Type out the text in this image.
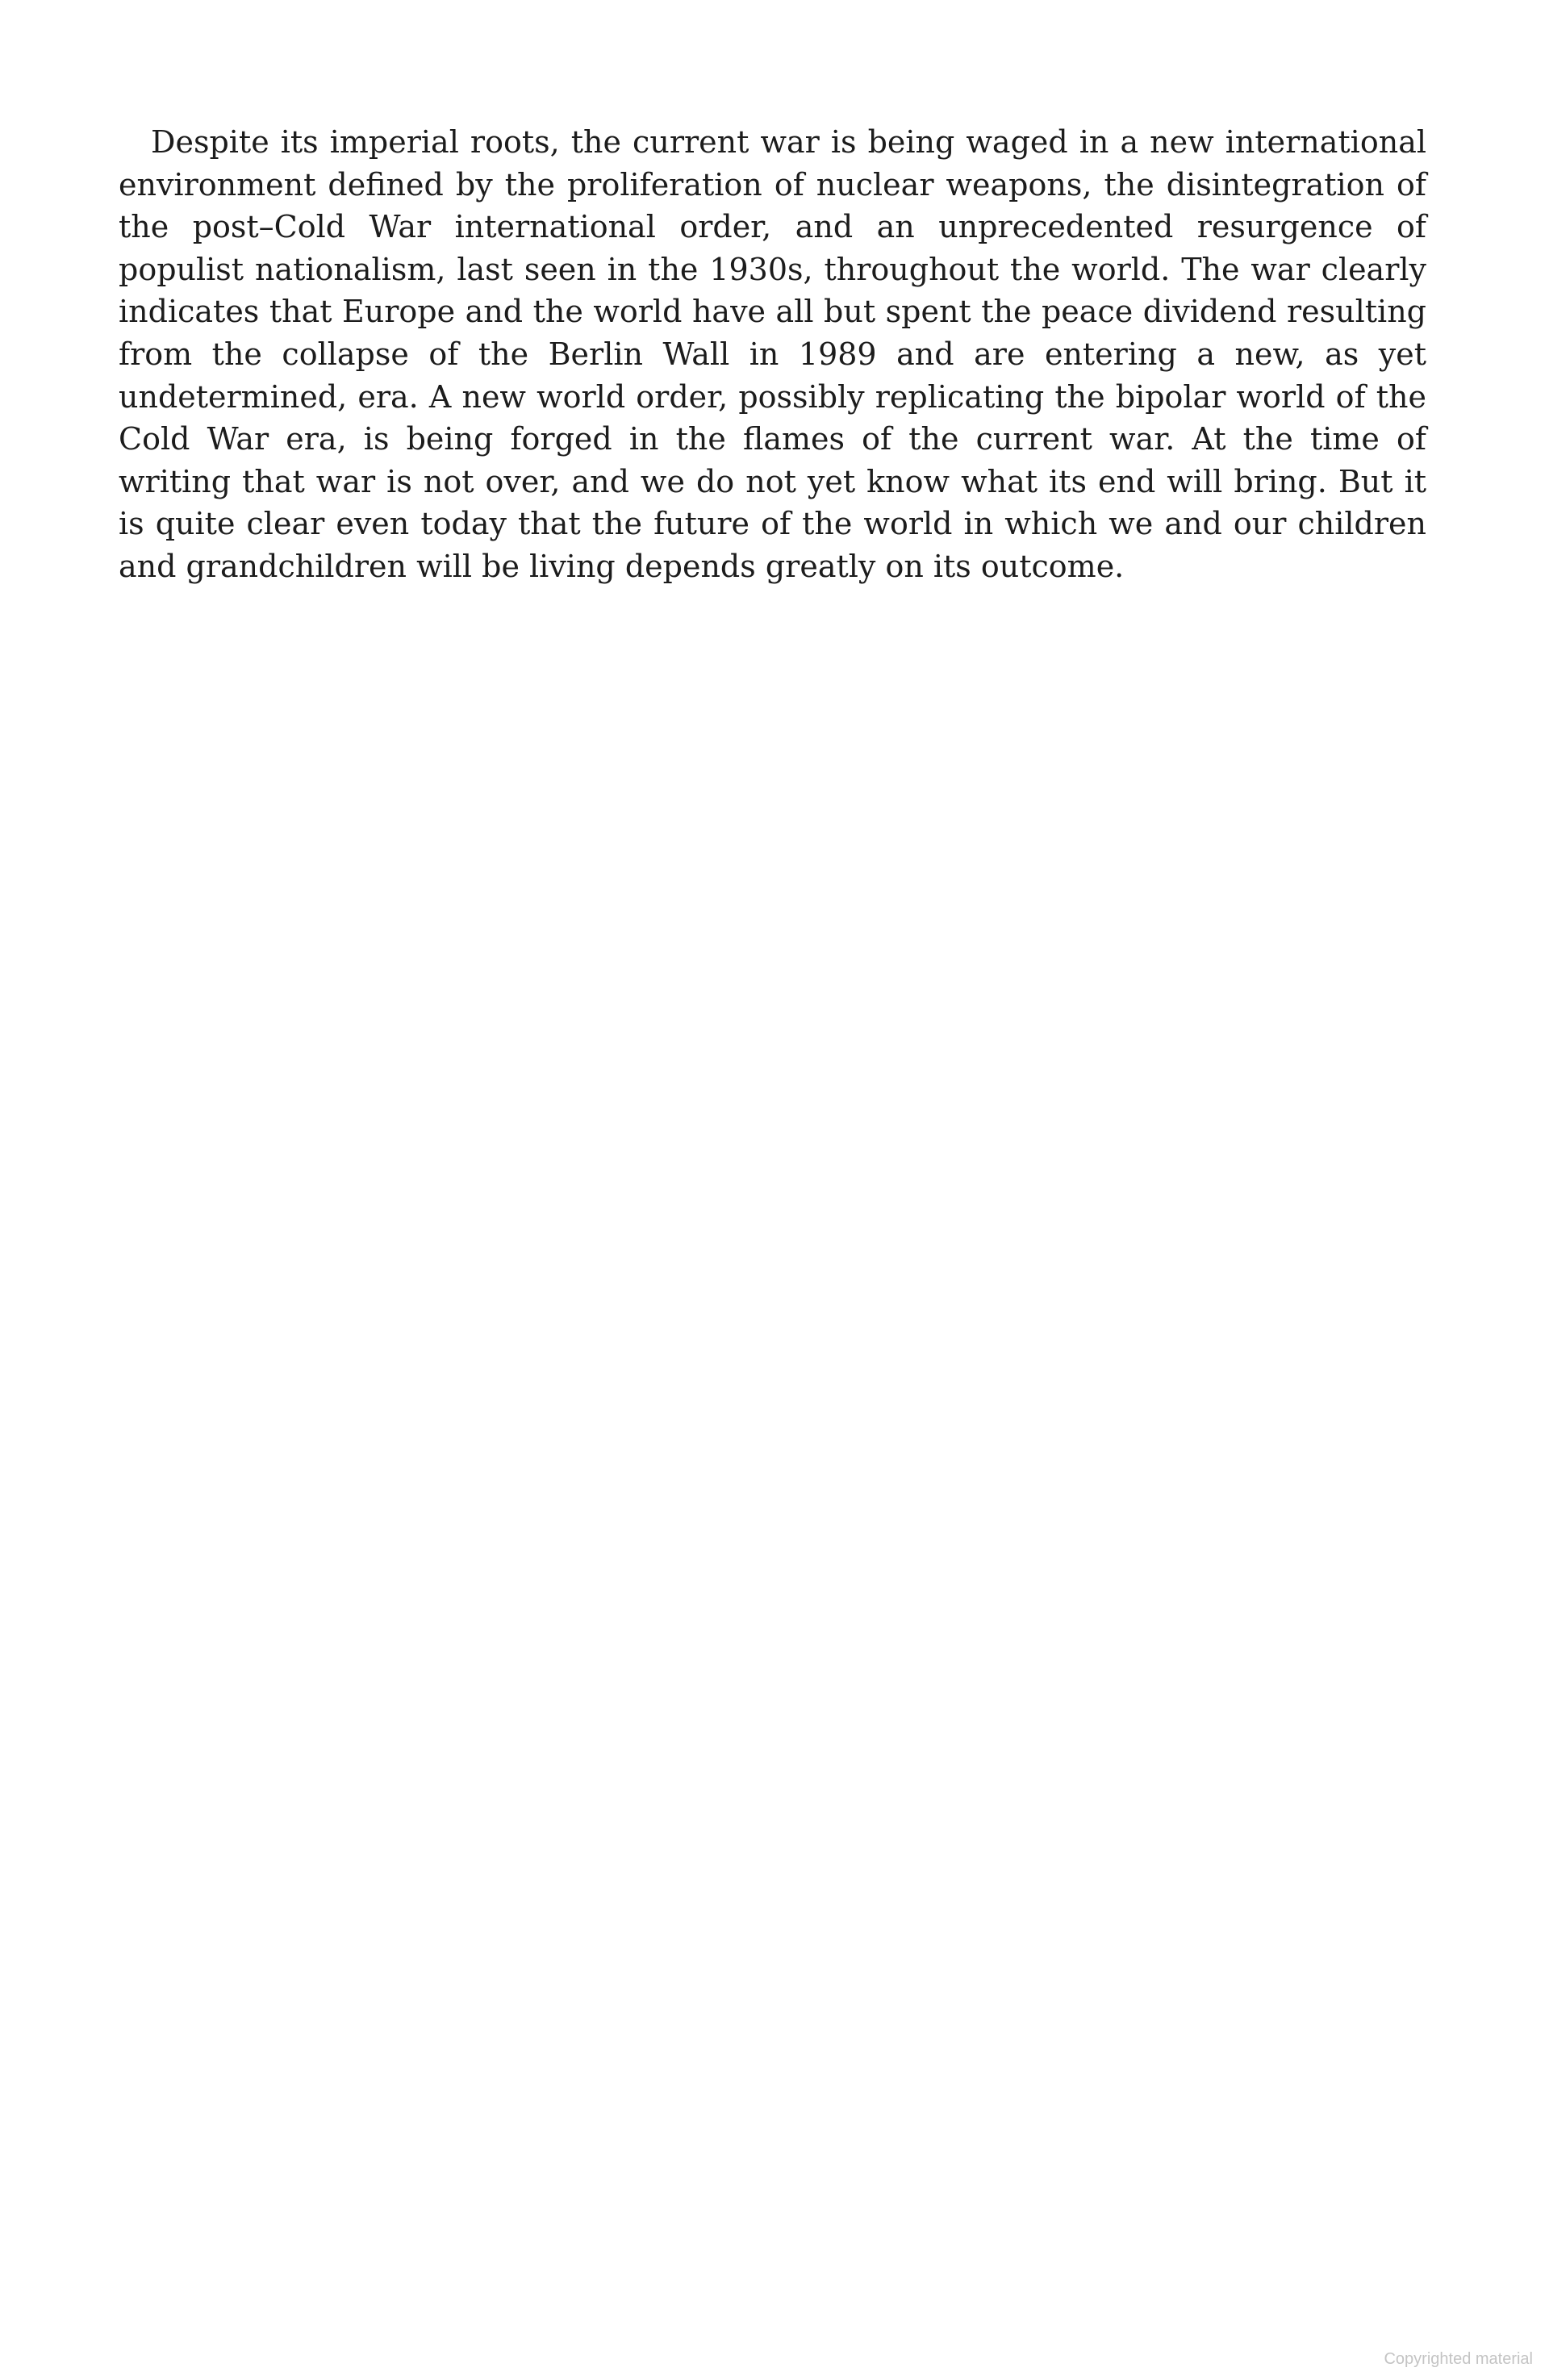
Despite its imperial roots, the current war is being waged in a new international environment defined by the proliferation of nuclear weapons, the disintegration of the post–Cold War international order, and an unprecedented resurgence of populist nationalism, last seen in the 1930s, throughout the world. The war clearly indicates that Europe and the world have all but spent the peace dividend resulting from the collapse of the Berlin Wall in 1989 and are entering a new, as yet undetermined, era. A new world order, possibly replicating the bipolar world of the Cold War era, is being forged in the flames of the current war. At the time of writing that war is not over, and we do not yet know what its end will bring. But it is quite clear even today that the future of the world in which we and our children and grandchildren will be living depends greatly on its outcome.

Copyrighted material
